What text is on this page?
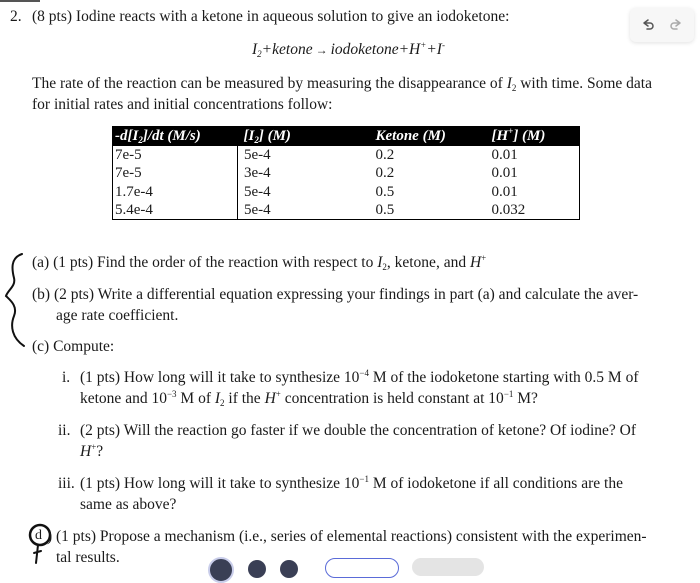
2. (8 pts) Iodine reacts with a ketone in aqueous solution to give an iodoketone:
$I_2+ketone$ → iodoketone+H++I-
The rate of the reaction can be measured by measuring the disappearance of $I_2$ with time. Some data
for initial rates and initial concentrations follow:
$-d[I_2]/dt$ (M/s)	$[I_2]$ (M)	Ketone (M)	[H+] (M)
7e-5	5e-4	0.2	0.01
7e-5	3e-4	0.2	0.01
1.7e-4	5e-4	0.5	0.01
5.4e-4	5e-4	0.5	0.032
(a) (1 pts) Find the order of the reaction with respect to $I_2$, ketone, and H+
(b) (2 pts) Write a differential equation expressing your findings in part (a) and calculate the aver-
age rate coefficient.
(c) Compute:
i. (1 pts) How long will it take to synthesize $10^{-4}$ M of the iodoketone starting with 0.5 M of
ketone and $10^{-3}$ M of $I_2$ if the H+ concentration is held constant at $10^{-1}$ M?
ii. (2 pts) Will the reaction go faster if we double the concentration of ketone? Of iodine? Of
H+?
iii. (1 pts) How long will it take to synthesize $10^{-1}$ M of iodoketone if all conditions are the
same as above?
d ) (1 pts) Propose a mechanism (i.e., series of elemental reactions) consistent with the experimen-
tal results.
